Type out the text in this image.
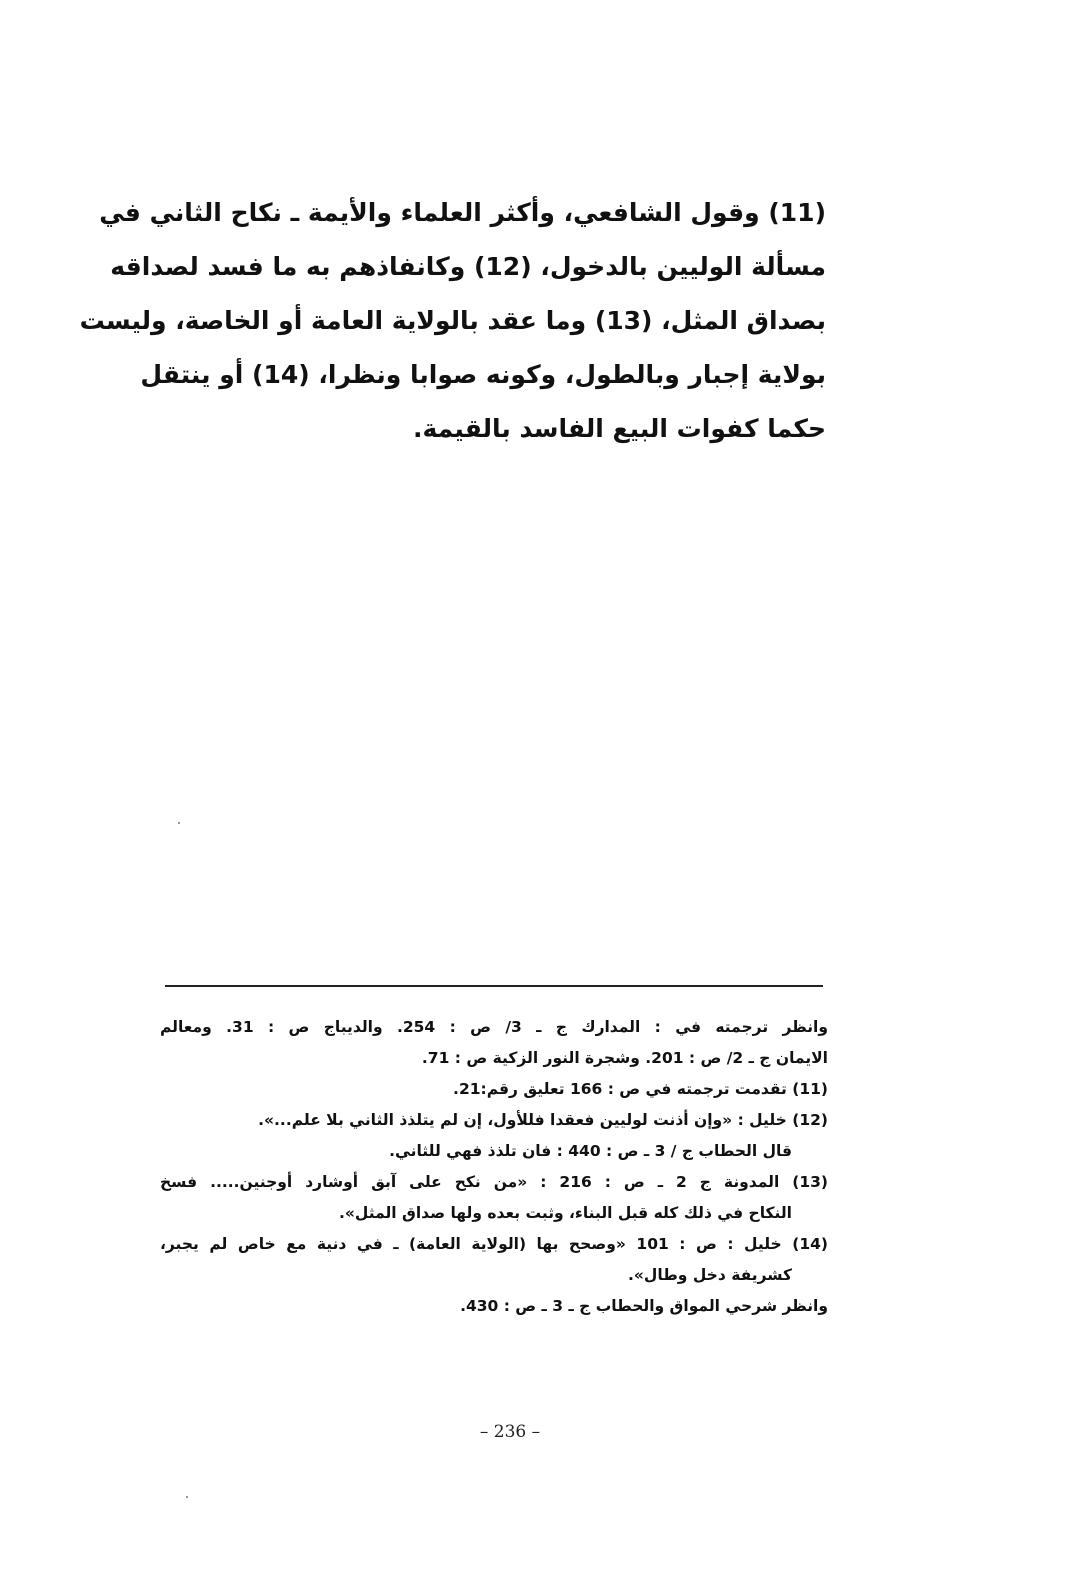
(11) وقول الشافعي، وأكثر العلماء والأيمة ـ نكاح الثاني في
مسألة الوليين بالدخول، (12) وكانفاذهم به ما فسد لصداقه
بصداق المثل، (13) وما عقد بالولاية العامة أو الخاصة، وليست
بولاية إجبار وبالطول، وكونه صوابا ونظرا، (14) أو ينتقل
حكما كفوات البيع الفاسد بالقيمة.
وانظر ترجمته في : المدارك ج ـ 3/ ص : 254. والديباج ص : 31. ومعالم
الايمان ج ـ 2/ ص : 201. وشجرة النور الزكية ص : 71.
(11) تقدمت ترجمته في ص : 166 تعليق رقم:21.
(12) خليل : «وإن أذنت لوليين فعقدا فللأول، إن لم يتلذذ الثاني بلا علم...».
قال الحطاب ج / 3 ـ ص : 440 : فان تلذذ فهي للثاني.
(13) المدونة ج 2 ـ ص : 216 : «من نكح على آبق أوشارد أوجنين..... فسخ
النكاح في ذلك كله قبل البناء، وثبت بعده ولها صداق المثل».
(14) خليل : ص : 101 «وصحح بها (الولاية العامة) ـ في دنية مع خاص لم يجبر،
كشريفة دخل وطال».
وانظر شرحي المواق والحطاب ج ـ 3 ـ ص : 430.
– 236 –
